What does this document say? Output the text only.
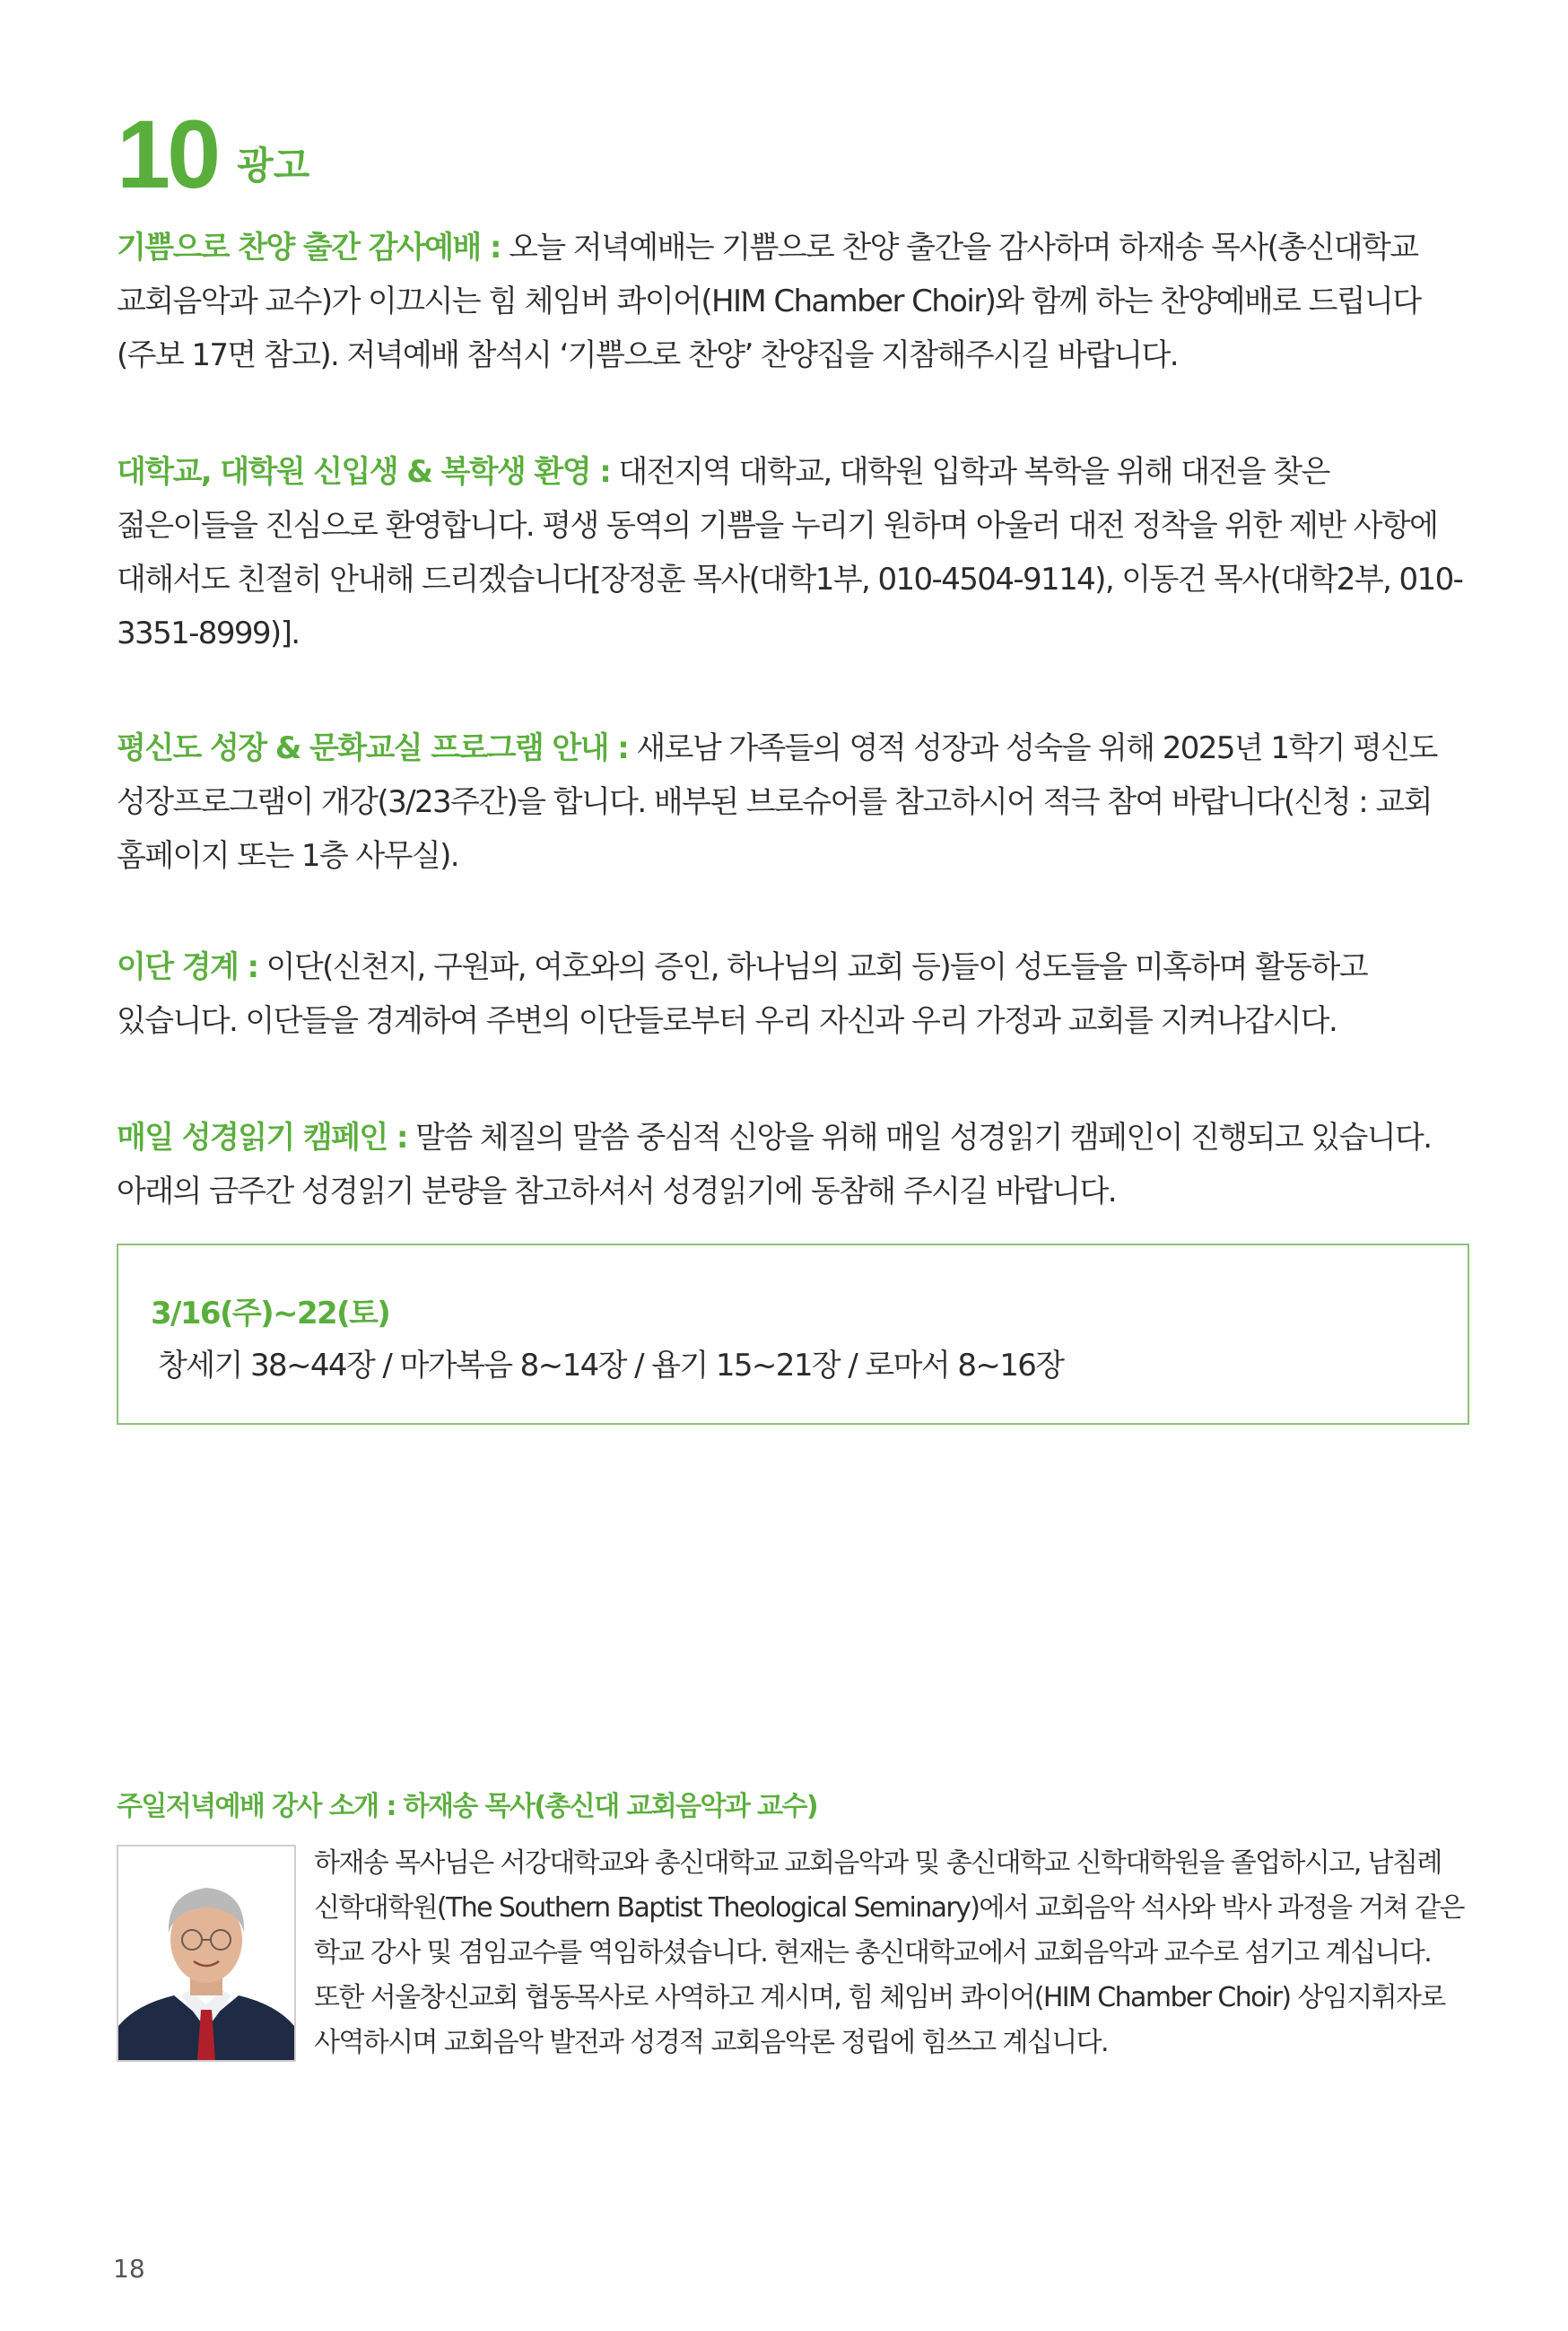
10 광고
기쁨으로 찬양 출간 감사예배 : 오늘 저녁예배는 기쁨으로 찬양 출간을 감사하며 하재송 목사(총신대학교 교회음악과 교수)가 이끄시는 힘 체임버 콰이어(HIM Chamber Choir)와 함께 하는 찬양예배로 드립니다(주보 17면 참고). 저녁예배 참석시 ‘기쁨으로 찬양’ 찬양집을 지참해주시길 바랍니다.
대학교, 대학원 신입생 & 복학생 환영 : 대전지역 대학교, 대학원 입학과 복학을 위해 대전을 찾은 젊은이들을 진심으로 환영합니다. 평생 동역의 기쁨을 누리기 원하며 아울러 대전 정착을 위한 제반 사항에 대해서도 친절히 안내해 드리겠습니다[장정훈 목사(대학1부, 010-4504-9114), 이동건 목사(대학2부, 010-3351-8999)].
평신도 성장 & 문화교실 프로그램 안내 : 새로남 가족들의 영적 성장과 성숙을 위해 2025년 1학기 평신도 성장프로그램이 개강(3/23주간)을 합니다. 배부된 브로슈어를 참고하시어 적극 참여 바랍니다(신청 : 교회 홈페이지 또는 1층 사무실).
이단 경계 : 이단(신천지, 구원파, 여호와의 증인, 하나님의 교회 등)들이 성도들을 미혹하며 활동하고 있습니다. 이단들을 경계하여 주변의 이단들로부터 우리 자신과 우리 가정과 교회를 지켜나갑시다.
매일 성경읽기 캠페인 : 말씀 체질의 말씀 중심적 신앙을 위해 매일 성경읽기 캠페인이 진행되고 있습니다. 아래의 금주간 성경읽기 분량을 참고하셔서 성경읽기에 동참해 주시길 바랍니다.
3/16(주)~22(토)
창세기 38~44장 / 마가복음 8~14장 / 욥기 15~21장 / 로마서 8~16장
주일저녁예배 강사 소개 : 하재송 목사(총신대 교회음악과 교수)
하재송 목사님은 서강대학교와 총신대학교 교회음악과 및 총신대학교 신학대학원을 졸업하시고, 남침례 신학대학원(The Southern Baptist Theological Seminary)에서 교회음악 석사와 박사 과정을 거쳐 같은 학교 강사 및 겸임교수를 역임하셨습니다. 현재는 총신대학교에서 교회음악과 교수로 섬기고 계십니다. 또한 서울창신교회 협동목사로 사역하고 계시며, 힘 체임버 콰이어(HIM Chamber Choir) 상임지휘자로 사역하시며 교회음악 발전과 성경적 교회음악론 정립에 힘쓰고 계십니다.
18
